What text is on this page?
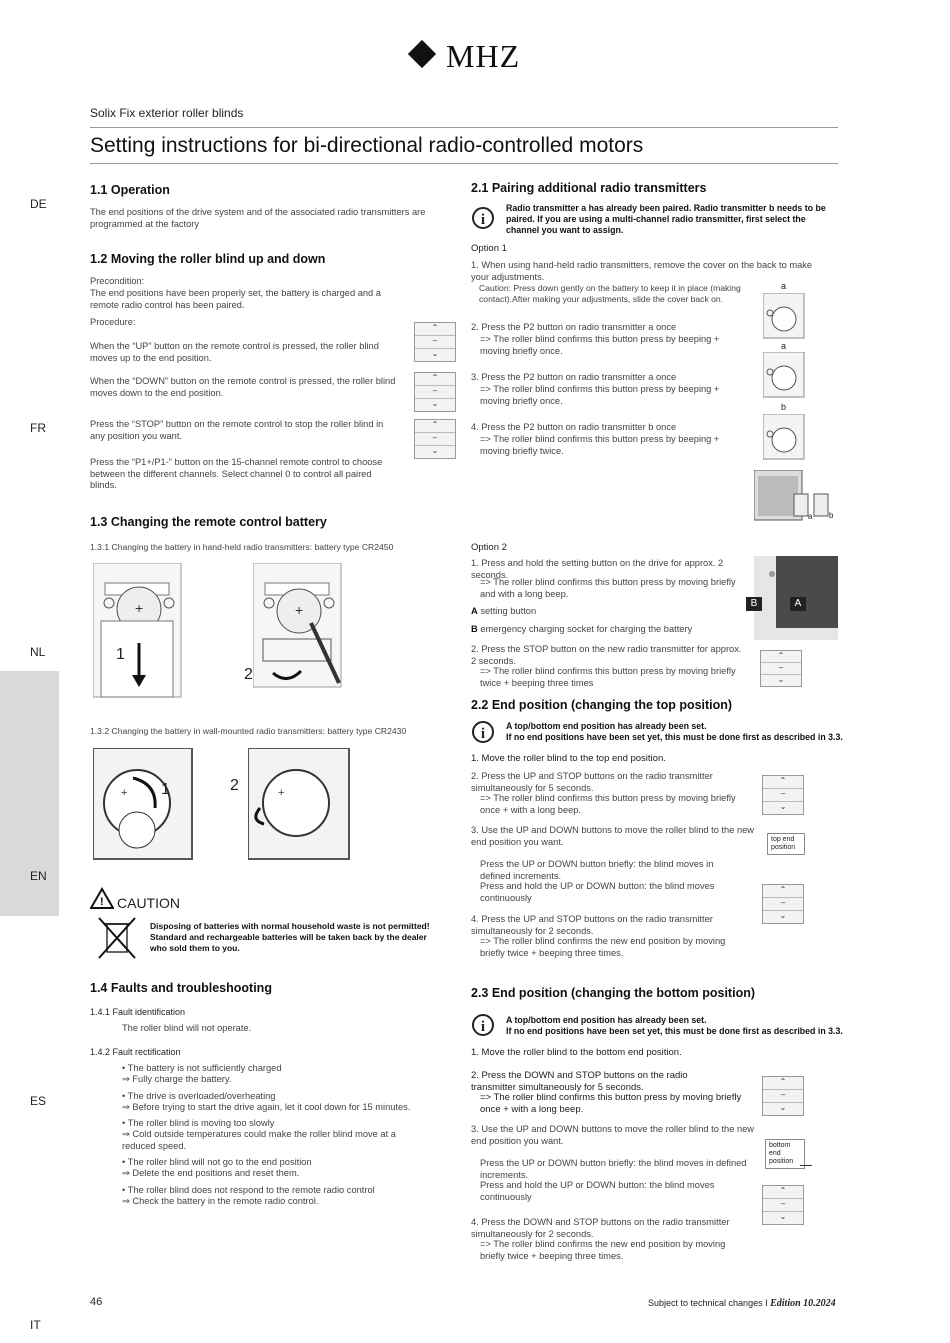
MHZ
Solix Fix exterior roller blinds
Setting instructions for bi-directional radio-controlled motors
DE
FR
NL
EN
ES
IT
1.1 Operation
The end positions of the drive system and of the associated radio transmitters are programmed at the factory
1.2 Moving the roller blind up and down
Precondition:
The end positions have been properly set, the battery is charged and a remote radio control has been paired.
Procedure:
When the “UP” button on the remote control is pressed, the roller blind moves up to the end position.
When the “DOWN” button on the remote control is pressed, the roller blind moves down to the end position.
Press the “STOP” button on the remote control to stop the roller blind in any position you want.
Press the “P1+/P1-” button on the 15-channel remote control to choose between the different channels. Select channel 0 to control all paired blinds.
⌃
–
⌄
⌃
–
⌄
⌃
–
⌄
1.3 Changing the remote control battery
1.3.1 Changing the battery in hand-held radio transmitters: battery type CR2450
+
1
+
2
1.3.2 Changing the battery in wall-mounted radio transmitters: battery type CR2430
+ 1	2	+
! CAUTION
Disposing of batteries with normal household waste is not permitted! Standard and rechargeable batteries will be taken back by the dealer who sold them to you.
1.4 Faults and troubleshooting
1.4.1 Fault identification
The roller blind will not operate.
1.4.2 Fault rectification
• The battery is not sufficiently charged
⇒ Fully charge the battery.
• The drive is overloaded/overheating
⇒ Before trying to start the drive again, let it cool down for 15 minutes.
• The roller blind is moving too slowly
⇒ Cold outside temperatures could make the roller blind move at a reduced speed.
• The roller blind will not go to the end position
⇒ Delete the end positions and reset them.
• The roller blind does not respond to the remote radio control
⇒ Check the battery in the remote radio control.
2.1 Pairing additional radio transmitters
i
Radio transmitter a has already been paired. Radio transmitter b needs to be paired. If you are using a multi-channel radio transmitter, first select the channel you want to assign.
Option 1
1. When using hand-held radio transmitters, remove the cover on the back to make your adjustments.
Caution: Press down gently on the battery to keep it in place (making contact).After making your adjustments, slide the cover back on.
2. Press the P2 button on radio transmitter a once
=> The roller blind confirms this button press by beeping + moving briefly once.
3. Press the P2 button on radio transmitter a once
=> The roller blind confirms this button press by beeping + moving briefly once.
4. Press the P2 button on radio transmitter b once
=> The roller blind confirms this button press by beeping + moving briefly twice.
a
a
b
a b
Option 2
1. Press and hold the setting button on the drive for approx. 2 seconds.
=> The roller blind confirms this button press by moving briefly and with a long beep.
A setting button
B emergency charging socket for charging the battery
2. Press the STOP button on the new radio transmitter for approx. 2 seconds.
=> The roller blind confirms this button press by moving briefly twice + beeping three times
B	A
⌃
–
⌄
2.2 End position (changing the top position)
i	A top/bottom end position has already been set.
If no end positions have been set yet, this must be done first as described in 3.3.
1. Move the roller blind to the top end position.
2. Press the UP and STOP buttons on the radio transmitter simultaneously for 5 seconds.
=> The roller blind confirms this button press by moving briefly once + with a long beep.
3. Use the UP and DOWN buttons to move the roller blind to the new end position you want.
Press the UP or DOWN button briefly: the blind moves in defined increments.
Press and hold the UP or DOWN button: the blind moves continuously
4. Press the UP and STOP buttons on the radio transmitter simultaneously for 2 seconds.
=> The roller blind confirms the new end position by moving briefly twice + beeping three times.
⌃
–
⌄
top end position
⌃
–
⌄
2.3 End position (changing the bottom position)
i	A top/bottom end position has already been set.
If no end positions have been set yet, this must be done first as described in 3.3.
1. Move the roller blind to the bottom end position.
2. Press the DOWN and STOP buttons on the radio transmitter simultaneously for 5 seconds.
=> The roller blind confirms this button press by moving briefly once + with a long beep.
3. Use the UP and DOWN buttons to move the roller blind to the new end position you want.
Press the UP or DOWN button briefly: the blind moves in defined increments.
Press and hold the UP or DOWN button: the blind moves continuously
4. Press the DOWN and STOP buttons on the radio transmitter simultaneously for 2 seconds.
=> The roller blind confirms the new end position by moving briefly twice + beeping three times.
⌃
–
⌄
bottom end position
⌃
–
⌄
46	Subject to technical changes I Edition 10.2024
